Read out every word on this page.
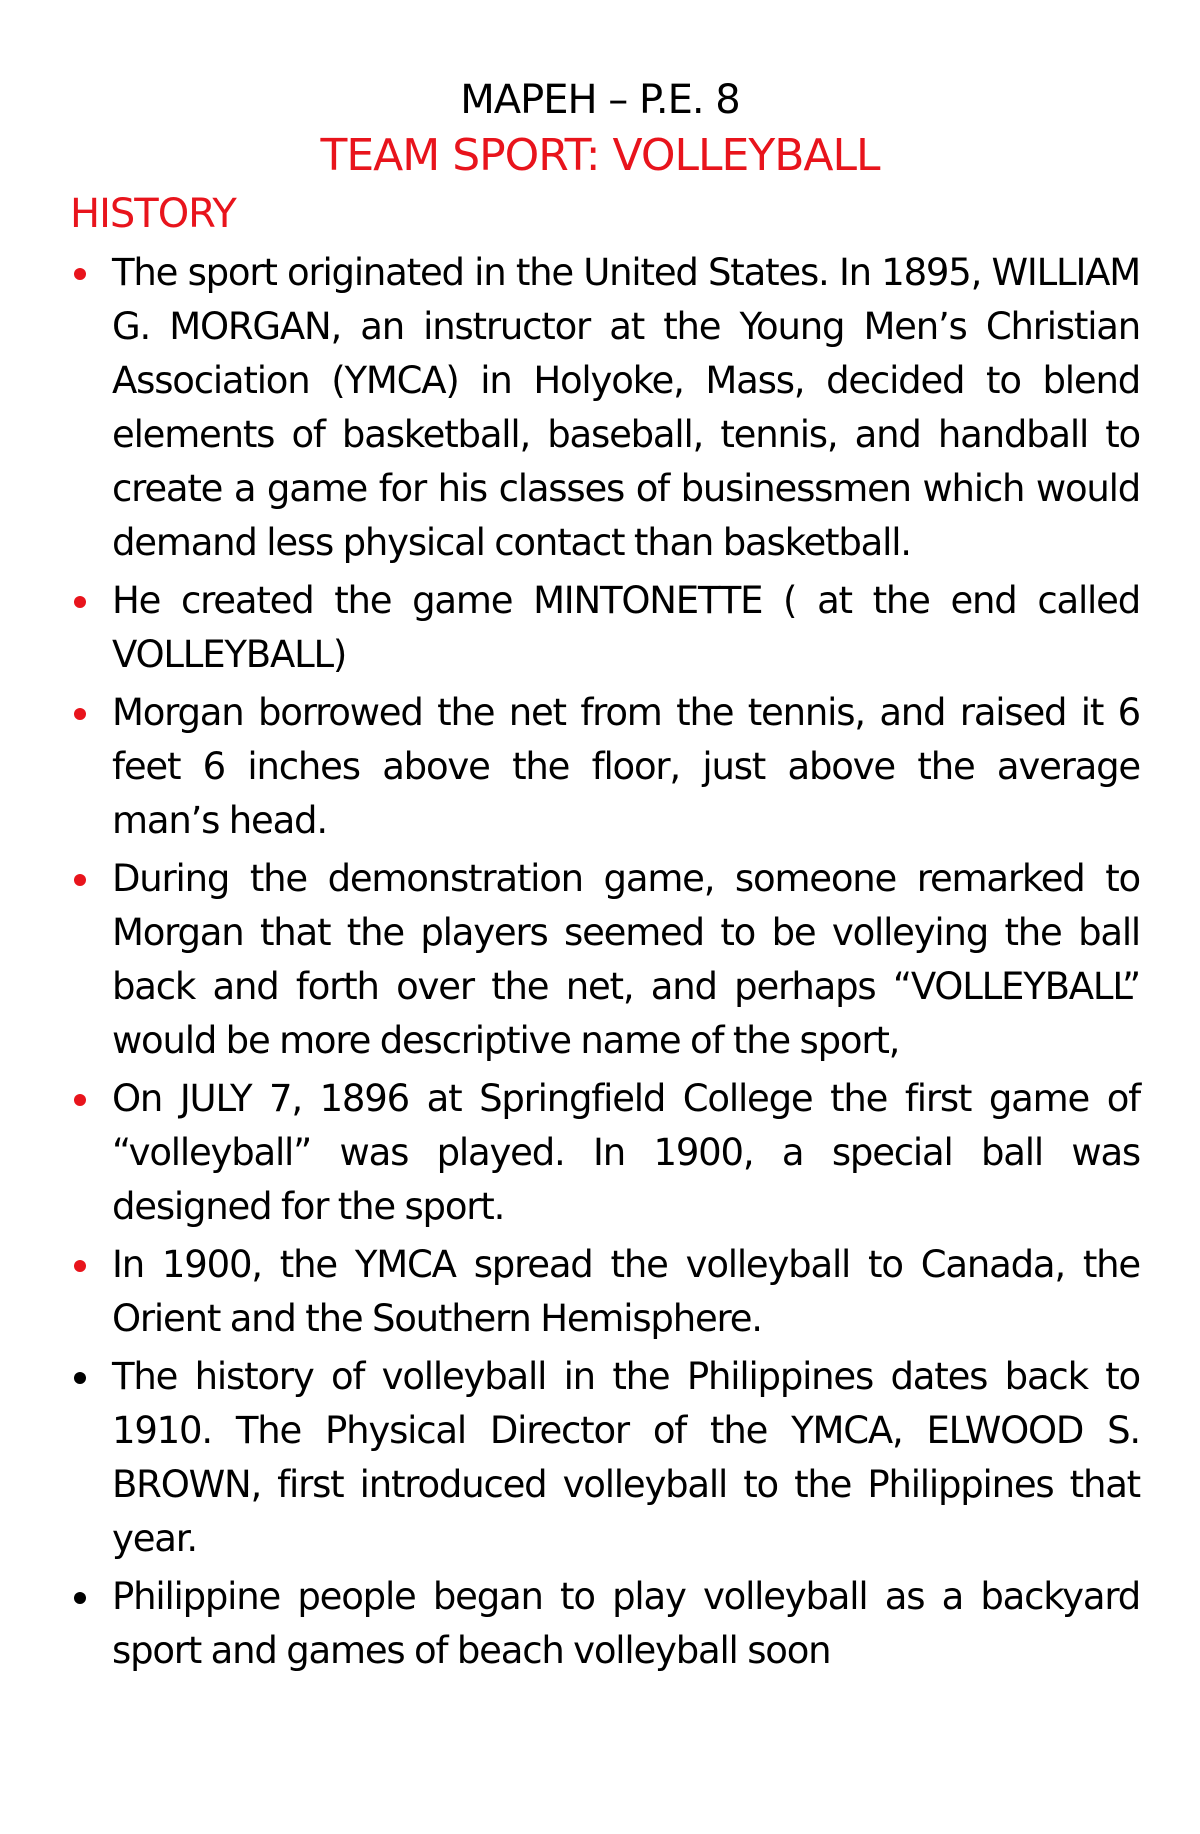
MAPEH – P.E. 8
TEAM SPORT: VOLLEYBALL
HISTORY
The sport originated in the United States. In 1895, WILLIAM G. MORGAN, an instructor at the Young Men’s Christian Association (YMCA) in Holyoke, Mass, decided to blend elements of basketball, baseball, tennis, and handball to create a game for his classes of businessmen which would demand less physical contact than basketball.
He created the game MINTONETTE ( at the end called VOLLEYBALL)
Morgan borrowed the net from the tennis, and raised it 6 feet 6 inches above the floor, just above the average man’s head.
During the demonstration game, someone remarked to Morgan that the players seemed to be volleying the ball back and forth over the net, and perhaps “VOLLEYBALL” would be more descriptive name of the sport,
On JULY 7, 1896 at Springfield College the first game of “volleyball” was played. In 1900, a special ball was designed for the sport.
In 1900, the YMCA spread the volleyball to Canada, the Orient and the Southern Hemisphere.
The history of volleyball in the Philippines dates back to 1910. The Physical Director of the YMCA, ELWOOD S. BROWN, first introduced volleyball to the Philippines that year.
Philippine people began to play volleyball as a backyard sport and games of beach volleyball soon
